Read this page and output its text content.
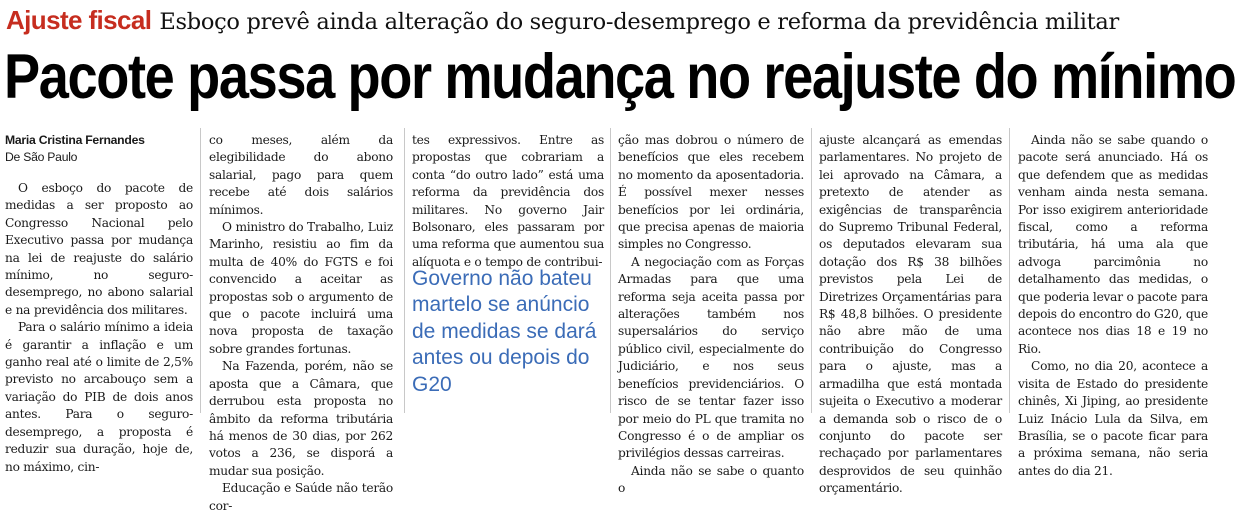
Ajuste fiscal Esboço prevê ainda alteração do seguro-desemprego e reforma da previdência militar
Pacote passa por mudança no reajuste do mínimo
Maria Cristina Fernandes
De São Paulo

O esboço do pacote de medidas a ser proposto ao Congresso Nacional pelo Executivo passa por mudança na lei de reajuste do salário mínimo, no seguro-desemprego, no abono salarial e na previdência dos militares.

Para o salário mínimo a ideia é garantir a inflação e um ganho real até o limite de 2,5% previsto no arcabouço sem a variação do PIB de dois anos antes. Para o seguro-desemprego, a proposta é reduzir sua duração, hoje de, no máximo, cin-

co meses, além da elegibilidade do abono salarial, pago para quem recebe até dois salários mínimos.

O ministro do Trabalho, Luiz Marinho, resistiu ao fim da multa de 40% do FGTS e foi convencido a aceitar as propostas sob o argumento de que o pacote incluirá uma nova proposta de taxação sobre grandes fortunas.

Na Fazenda, porém, não se aposta que a Câmara, que derrubou esta proposta no âmbito da reforma tributária há menos de 30 dias, por 262 votos a 236, se disporá a mudar sua posição.

Educação e Saúde não terão cor-

tes expressivos. Entre as propostas que cobrariam a conta “do outro lado” está uma reforma da previdência dos militares. No governo Jair Bolsonaro, eles passaram por uma reforma que aumentou sua alíquota e o tempo de contribui-

Governo não bateu martelo se anúncio de medidas se dará antes ou depois do G20

ção mas dobrou o número de benefícios que eles recebem no momento da aposentadoria. É possível mexer nesses benefícios por lei ordinária, que precisa apenas de maioria simples no Congresso.

A negociação com as Forças Armadas para que uma reforma seja aceita passa por alterações também nos supersalários do serviço público civil, especialmente do Judiciário, e nos seus benefícios previdenciários. O risco de se tentar fazer isso por meio do PL que tramita no Congresso é o de ampliar os privilégios dessas carreiras.

Ainda não se sabe o quanto o

ajuste alcançará as emendas parlamentares. No projeto de lei aprovado na Câmara, a pretexto de atender as exigências de transparência do Supremo Tribunal Federal, os deputados elevaram sua dotação dos R$ 38 bilhões previstos pela Lei de Diretrizes Orçamentárias para R$ 48,8 bilhões. O presidente não abre mão de uma contribuição do Congresso para o ajuste, mas a armadilha que está montada sujeita o Executivo a moderar a demanda sob o risco de o conjunto do pacote ser rechaçado por parlamentares desprovidos de seu quinhão orçamentário.

Ainda não se sabe quando o pacote será anunciado. Há os que defendem que as medidas venham ainda nesta semana. Por isso exigirem anterioridade fiscal, como a reforma tributária, há uma ala que advoga parcimônia no detalhamento das medidas, o que poderia levar o pacote para depois do encontro do G20, que acontece nos dias 18 e 19 no Rio.

Como, no dia 20, acontece a visita de Estado do presidente chinês, Xi Jiping, ao presidente Luiz Inácio Lula da Silva, em Brasília, se o pacote ficar para a próxima semana, não seria antes do dia 21.
